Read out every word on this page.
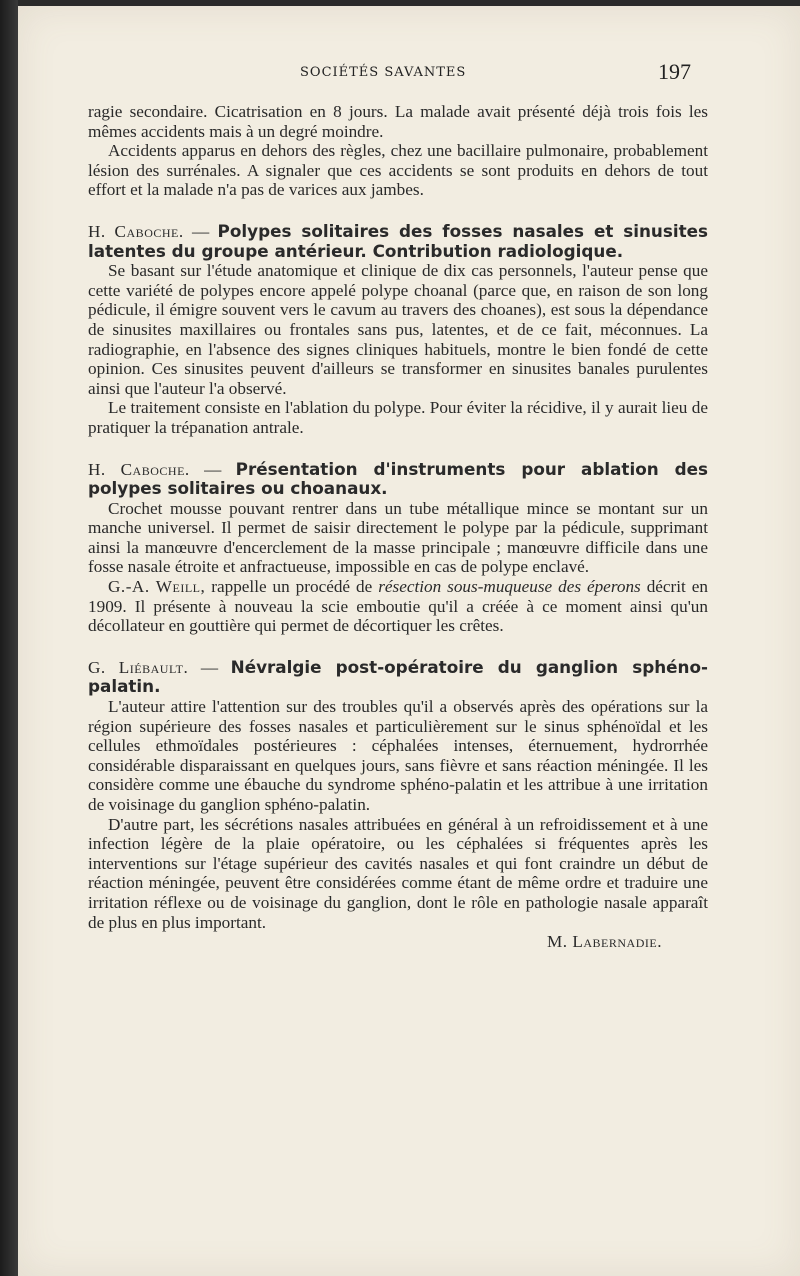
SOCIÉTÉS SAVANTES	197

ragie secondaire. Cicatrisation en 8 jours. La malade avait présenté déjà trois fois les mêmes accidents mais à un degré moindre.

Accidents apparus en dehors des règles, chez une bacillaire pulmonaire, probablement lésion des surrénales. A signaler que ces accidents se sont produits en dehors de tout effort et la malade n'a pas de varices aux jambes.

H. Caboche. — Polypes solitaires des fosses nasales et sinusites latentes du groupe antérieur. Contribution radiologique.

Se basant sur l'étude anatomique et clinique de dix cas personnels, l'auteur pense que cette variété de polypes encore appelé polype choanal (parce que, en raison de son long pédicule, il émigre souvent vers le cavum au travers des choanes), est sous la dépendance de sinusites maxillaires ou frontales sans pus, latentes, et de ce fait, méconnues. La radiographie, en l'absence des signes cliniques habituels, montre le bien fondé de cette opinion. Ces sinusites peuvent d'ailleurs se transformer en sinusites banales purulentes ainsi que l'auteur l'a observé.

Le traitement consiste en l'ablation du polype. Pour éviter la récidive, il y aurait lieu de pratiquer la trépanation antrale.

H. Caboche. — Présentation d'instruments pour ablation des polypes solitaires ou choanaux.

Crochet mousse pouvant rentrer dans un tube métallique mince se montant sur un manche universel. Il permet de saisir directement le polype par la pédicule, supprimant ainsi la manœuvre d'encerclement de la masse principale ; manœuvre difficile dans une fosse nasale étroite et anfractueuse, impossible en cas de polype enclavé.

G.-A. Weill, rappelle un procédé de résection sous-muqueuse des éperons décrit en 1909. Il présente à nouveau la scie emboutie qu'il a créée à ce moment ainsi qu'un décollateur en gouttière qui permet de décortiquer les crêtes.

G. Liébault. — Névralgie post-opératoire du ganglion sphéno-palatin.

L'auteur attire l'attention sur des troubles qu'il a observés après des opérations sur la région supérieure des fosses nasales et particulièrement sur le sinus sphénoïdal et les cellules ethmoïdales postérieures : céphalées intenses, éternuement, hydrorrhée considérable disparaissant en quelques jours, sans fièvre et sans réaction méningée. Il les considère comme une ébauche du syndrome sphéno-palatin et les attribue à une irritation de voisinage du ganglion sphéno-palatin.

D'autre part, les sécrétions nasales attribuées en général à un refroidissement et à une infection légère de la plaie opératoire, ou les céphalées si fréquentes après les interventions sur l'étage supérieur des cavités nasales et qui font craindre un début de réaction méningée, peuvent être considérées comme étant de même ordre et traduire une irritation réflexe ou de voisinage du ganglion, dont le rôle en pathologie nasale apparaît de plus en plus important.

M. Labernadie.
